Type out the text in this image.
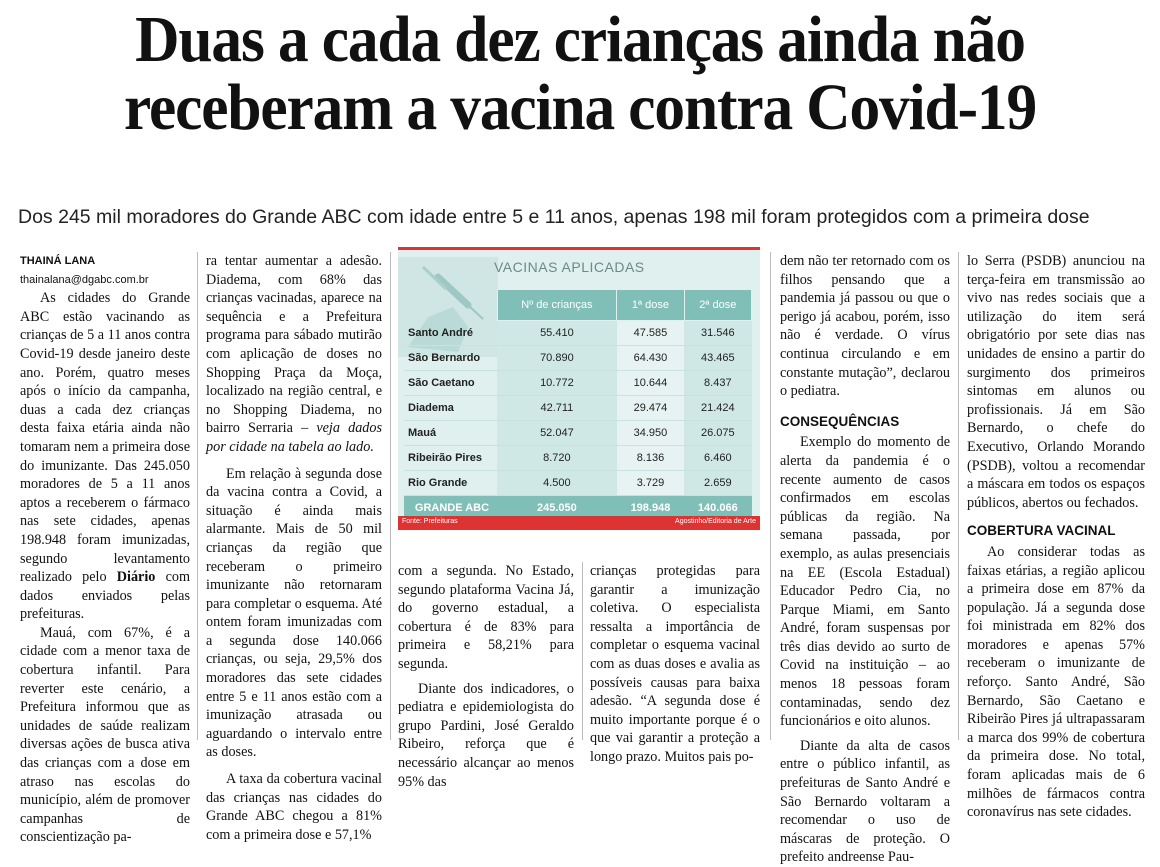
Duas a cada dez crianças ainda não
receberam a vacina contra Covid-19

Dos 245 mil moradores do Grande ABC com idade entre 5 e 11 anos, apenas 198 mil foram protegidos com a primeira dose

THAINÁ LANA

thainalana@dgabc.com.br

As cidades do Grande ABC estão vacinando as crianças de 5 a 11 anos contra Covid-19 desde janeiro deste ano. Porém, quatro meses após o início da campanha, duas a cada dez crianças desta faixa etária ainda não tomaram nem a primeira dose do imunizante. Das 245.050 moradores de 5 a 11 anos aptos a receberem o fármaco nas sete cidades, apenas 198.948 foram imunizadas, segundo levantamento realizado pelo Diário com dados enviados pelas prefeituras.

Mauá, com 67%, é a cidade com a menor taxa de cobertura infantil. Para reverter este cenário, a Prefeitura informou que as unidades de saúde realizam diversas ações de busca ativa das crianças com a dose em atraso nas escolas do município, além de promover campanhas de conscientização pa-

ra tentar aumentar a adesão. Diadema, com 68% das crianças vacinadas, aparece na sequência e a Prefeitura programa para sábado mutirão com aplicação de doses no Shopping Praça da Moça, localizado na região central, e no Shopping Diadema, no bairro Serraria – veja dados por cidade na tabela ao lado.

Em relação à segunda dose da vacina contra a Covid, a situação é ainda mais alarmante. Mais de 50 mil crianças da região que receberam o primeiro imunizante não retornaram para completar o esquema. Até ontem foram imunizadas com a segunda dose 140.066 crianças, ou seja, 29,5% dos moradores das sete cidades entre 5 e 11 anos estão com a imunização atrasada ou aguardando o intervalo entre as doses.

A taxa da cobertura vacinal das crianças nas cidades do Grande ABC chegou a 81% com a primeira dose e 57,1%

VACINAS APLICADAS
	Nº de crianças	1ª dose	2ª dose
Santo André	55.410	47.585	31.546
São Bernardo	70.890	64.430	43.465
São Caetano	10.772	10.644	8.437
Diadema	42.711	29.474	21.424
Mauá	52.047	34.950	26.075
Ribeirão Pires	8.720	8.136	6.460
Rio Grande	4.500	3.729	2.659
GRANDE ABC	245.050	198.948	140.066
Fonte: Prefeituras	Agostinho/Editoria de Arte

com a segunda. No Estado, segundo plataforma Vacina Já, do governo estadual, a cobertura é de 83% para primeira e 58,21% para segunda.

Diante dos indicadores, o pediatra e epidemiologista do grupo Pardini, José Geraldo Ribeiro, reforça que é necessário alcançar ao menos 95% das

crianças protegidas para garantir a imunização coletiva. O especialista ressalta a importância de completar o esquema vacinal com as duas doses e avalia as possíveis causas para baixa adesão. “A segunda dose é muito importante porque é o que vai garantir a proteção a longo prazo. Muitos pais po-

dem não ter retornado com os filhos pensando que a pandemia já passou ou que o perigo já acabou, porém, isso não é verdade. O vírus continua circulando e em constante mutação”, declarou o pediatra.

CONSEQUÊNCIAS

Exemplo do momento de alerta da pandemia é o recente aumento de casos confirmados em escolas públicas da região. Na semana passada, por exemplo, as aulas presenciais na EE (Escola Estadual) Educador Pedro Cia, no Parque Miami, em Santo André, foram suspensas por três dias devido ao surto de Covid na instituição – ao menos 18 pessoas foram contaminadas, sendo dez funcionários e oito alunos.

Diante da alta de casos entre o público infantil, as prefeituras de Santo André e São Bernardo voltaram a recomendar o uso de máscaras de proteção. O prefeito andreense Pau-

lo Serra (PSDB) anunciou na terça-feira em transmissão ao vivo nas redes sociais que a utilização do item será obrigatório por sete dias nas unidades de ensino a partir do surgimento dos primeiros sintomas em alunos ou profissionais. Já em São Bernardo, o chefe do Executivo, Orlando Morando (PSDB), voltou a recomendar a máscara em todos os espaços públicos, abertos ou fechados.

COBERTURA VACINAL

Ao considerar todas as faixas etárias, a região aplicou a primeira dose em 87% da população. Já a segunda dose foi ministrada em 82% dos moradores e apenas 57% receberam o imunizante de reforço. Santo André, São Bernardo, São Caetano e Ribeirão Pires já ultrapassaram a marca dos 99% de cobertura da primeira dose. No total, foram aplicadas mais de 6 milhões de fármacos contra coronavírus nas sete cidades.
